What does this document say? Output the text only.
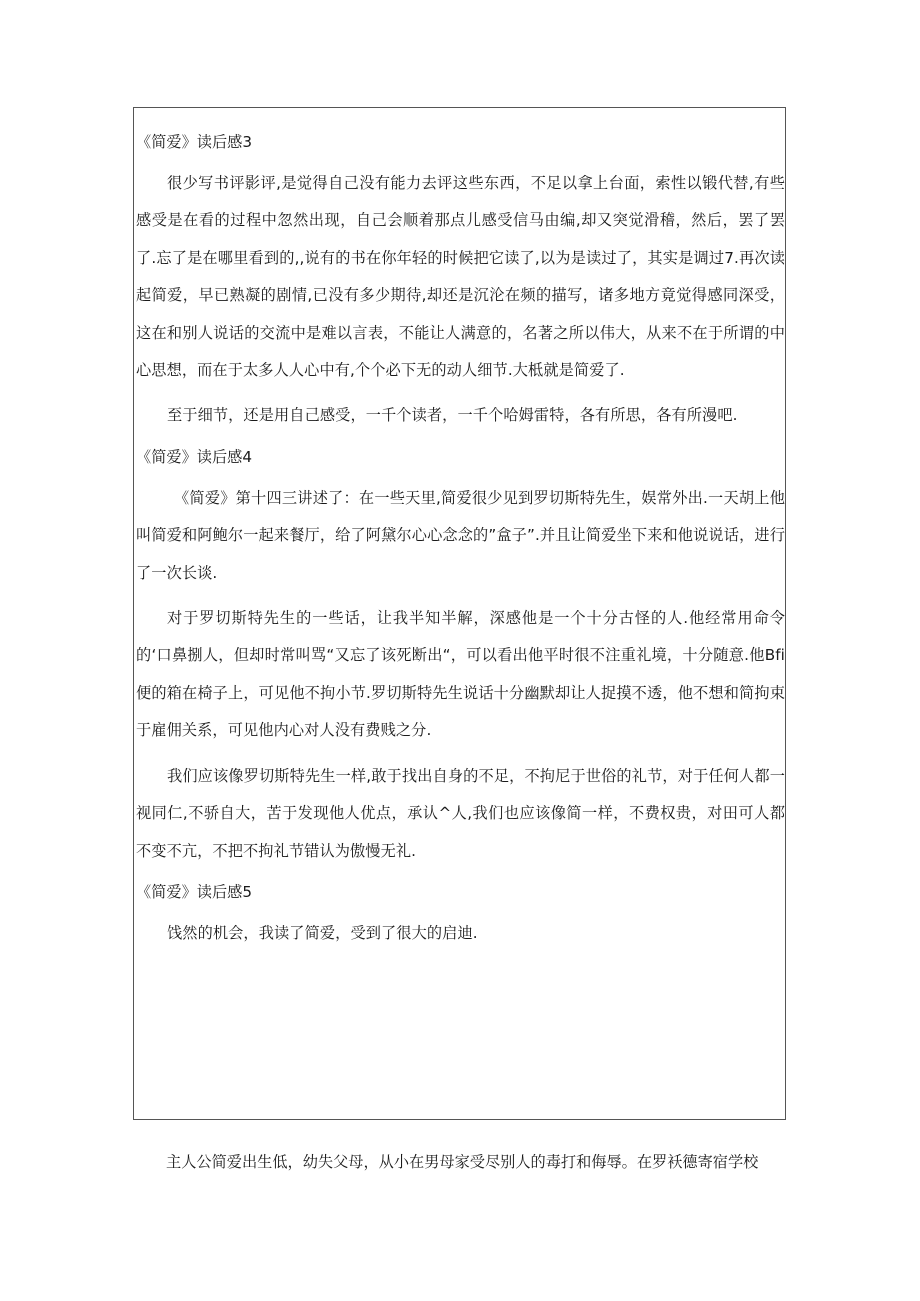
《简爱》读后感3

很少写书评影评,是觉得自己没有能力去评这些东西，不足以拿上台面，索性以锻代替,有些感受是在看的过程中忽然出现，自己会顺着那点儿感受信马由编,却又突觉滑稽，然后，罢了罢了.忘了是在哪里看到的,,说有的书在你年轻的时候把它读了,以为是读过了，其实是调过7.再次读起简爱，早已熟凝的剧情,已没有多少期待,却还是沉沦在频的描写，诸多地方竟觉得感同深受，这在和别人说话的交流中是难以言表，不能让人满意的，名著之所以伟大，从来不在于所谓的中心思想，而在于太多人人心中有,个个必下无的动人细节.大柢就是简爱了.

至于细节，还是用自己感受，一千个读者，一千个哈姆雷特，各有所思，各有所漫吧.

《简爱》读后感4

《简爱》第十四三讲述了：在一些天里,简爱很少见到罗切斯特先生，娱常外出.一天胡上他叫简爱和阿鲍尔一起来餐厅，给了阿黛尔心心念念的”盒子”.并且让简爱坐下来和他说说话，进行了一次长谈.

对于罗切斯特先生的一些话，让我半知半解，深感他是一个十分古怪的人.他经常用命令的‘口鼻捌人，但却时常叫骂“又忘了该死断出“，可以看出他平时很不注重礼境，十分随意.他Bfi便的箱在椅子上，可见他不拘小节.罗切斯特先生说话十分幽默却让人捉摸不透，他不想和简拘束于雇佣关系，可见他内心对人没有费贱之分.

我们应该像罗切斯特先生一样,敢于找出自身的不足，不拘尼于世俗的礼节，对于任何人都一视同仁,不骄自大，苦于发现他人优点，承认^人,我们也应该像简一样，不费权贵，对田可人都不变不亢，不把不拘礼节错认为傲慢无礼.

《简爱》读后感5

饯然的机会，我读了简爱，受到了很大的启迪.

主人公简爱出生低，幼失父母，从小在男母家受尽别人的毒打和侮辱。在罗袄德寄宿学校
